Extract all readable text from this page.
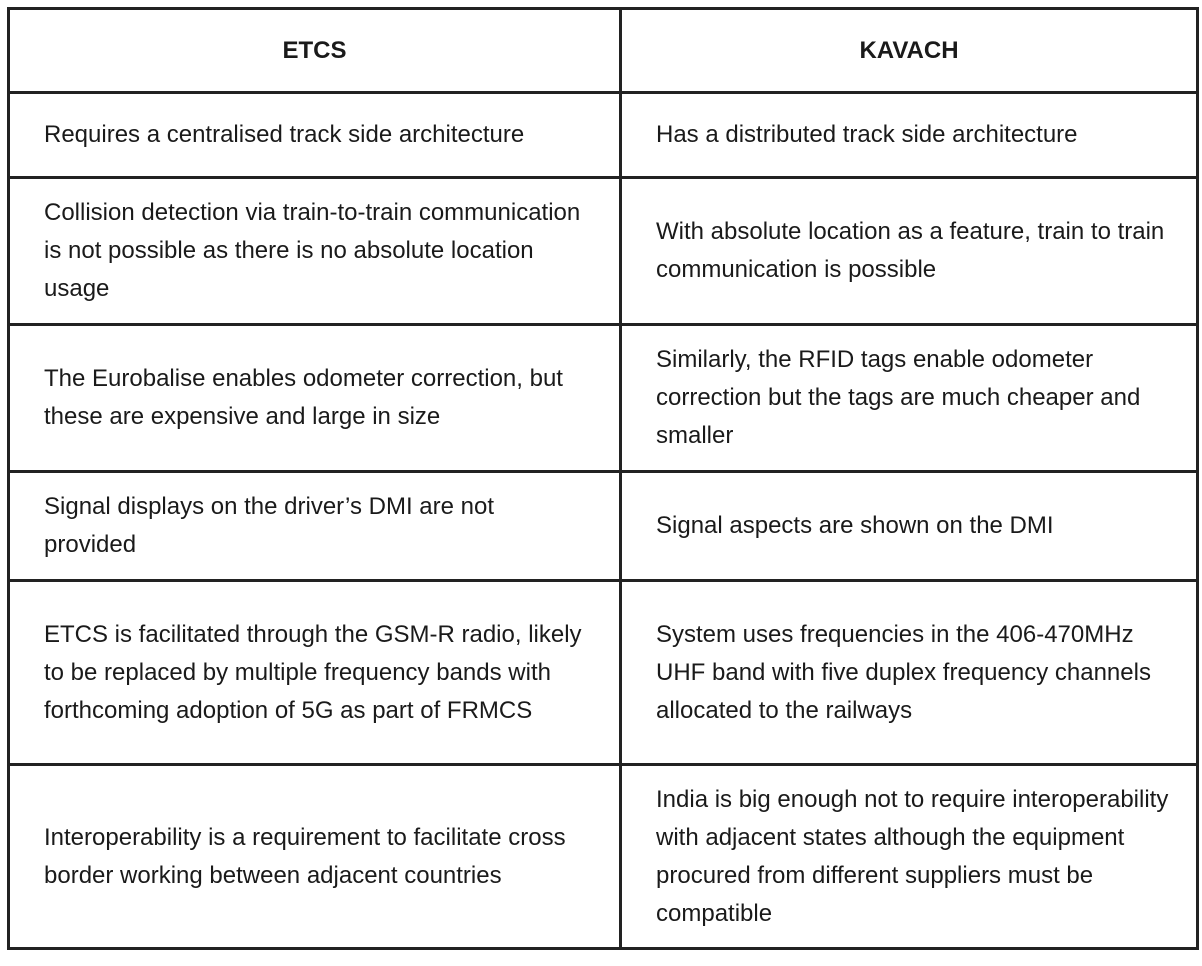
ETCS	KAVACH
Requires a centralised track side architecture	Has a distributed track side architecture
Collision detection via train-to-train communication is not possible as there is no absolute location usage	With absolute location as a feature, train to train communication is possible
The Eurobalise enables odometer correction, but these are expensive and large in size	Similarly, the RFID tags enable odometer correction but the tags are much cheaper and smaller
Signal displays on the driver’s DMI are not provided	Signal aspects are shown on the DMI
ETCS is facilitated through the GSM-R radio, likely to be replaced by multiple frequency bands with forthcoming adoption of 5G as part of FRMCS	System uses frequencies in the 406-470MHz UHF band with five duplex frequency channels allocated to the railways
Interoperability is a requirement to facilitate cross border working between adjacent countries	India is big enough not to require interoperability with adjacent states although the equipment procured from different suppliers must be compatible
